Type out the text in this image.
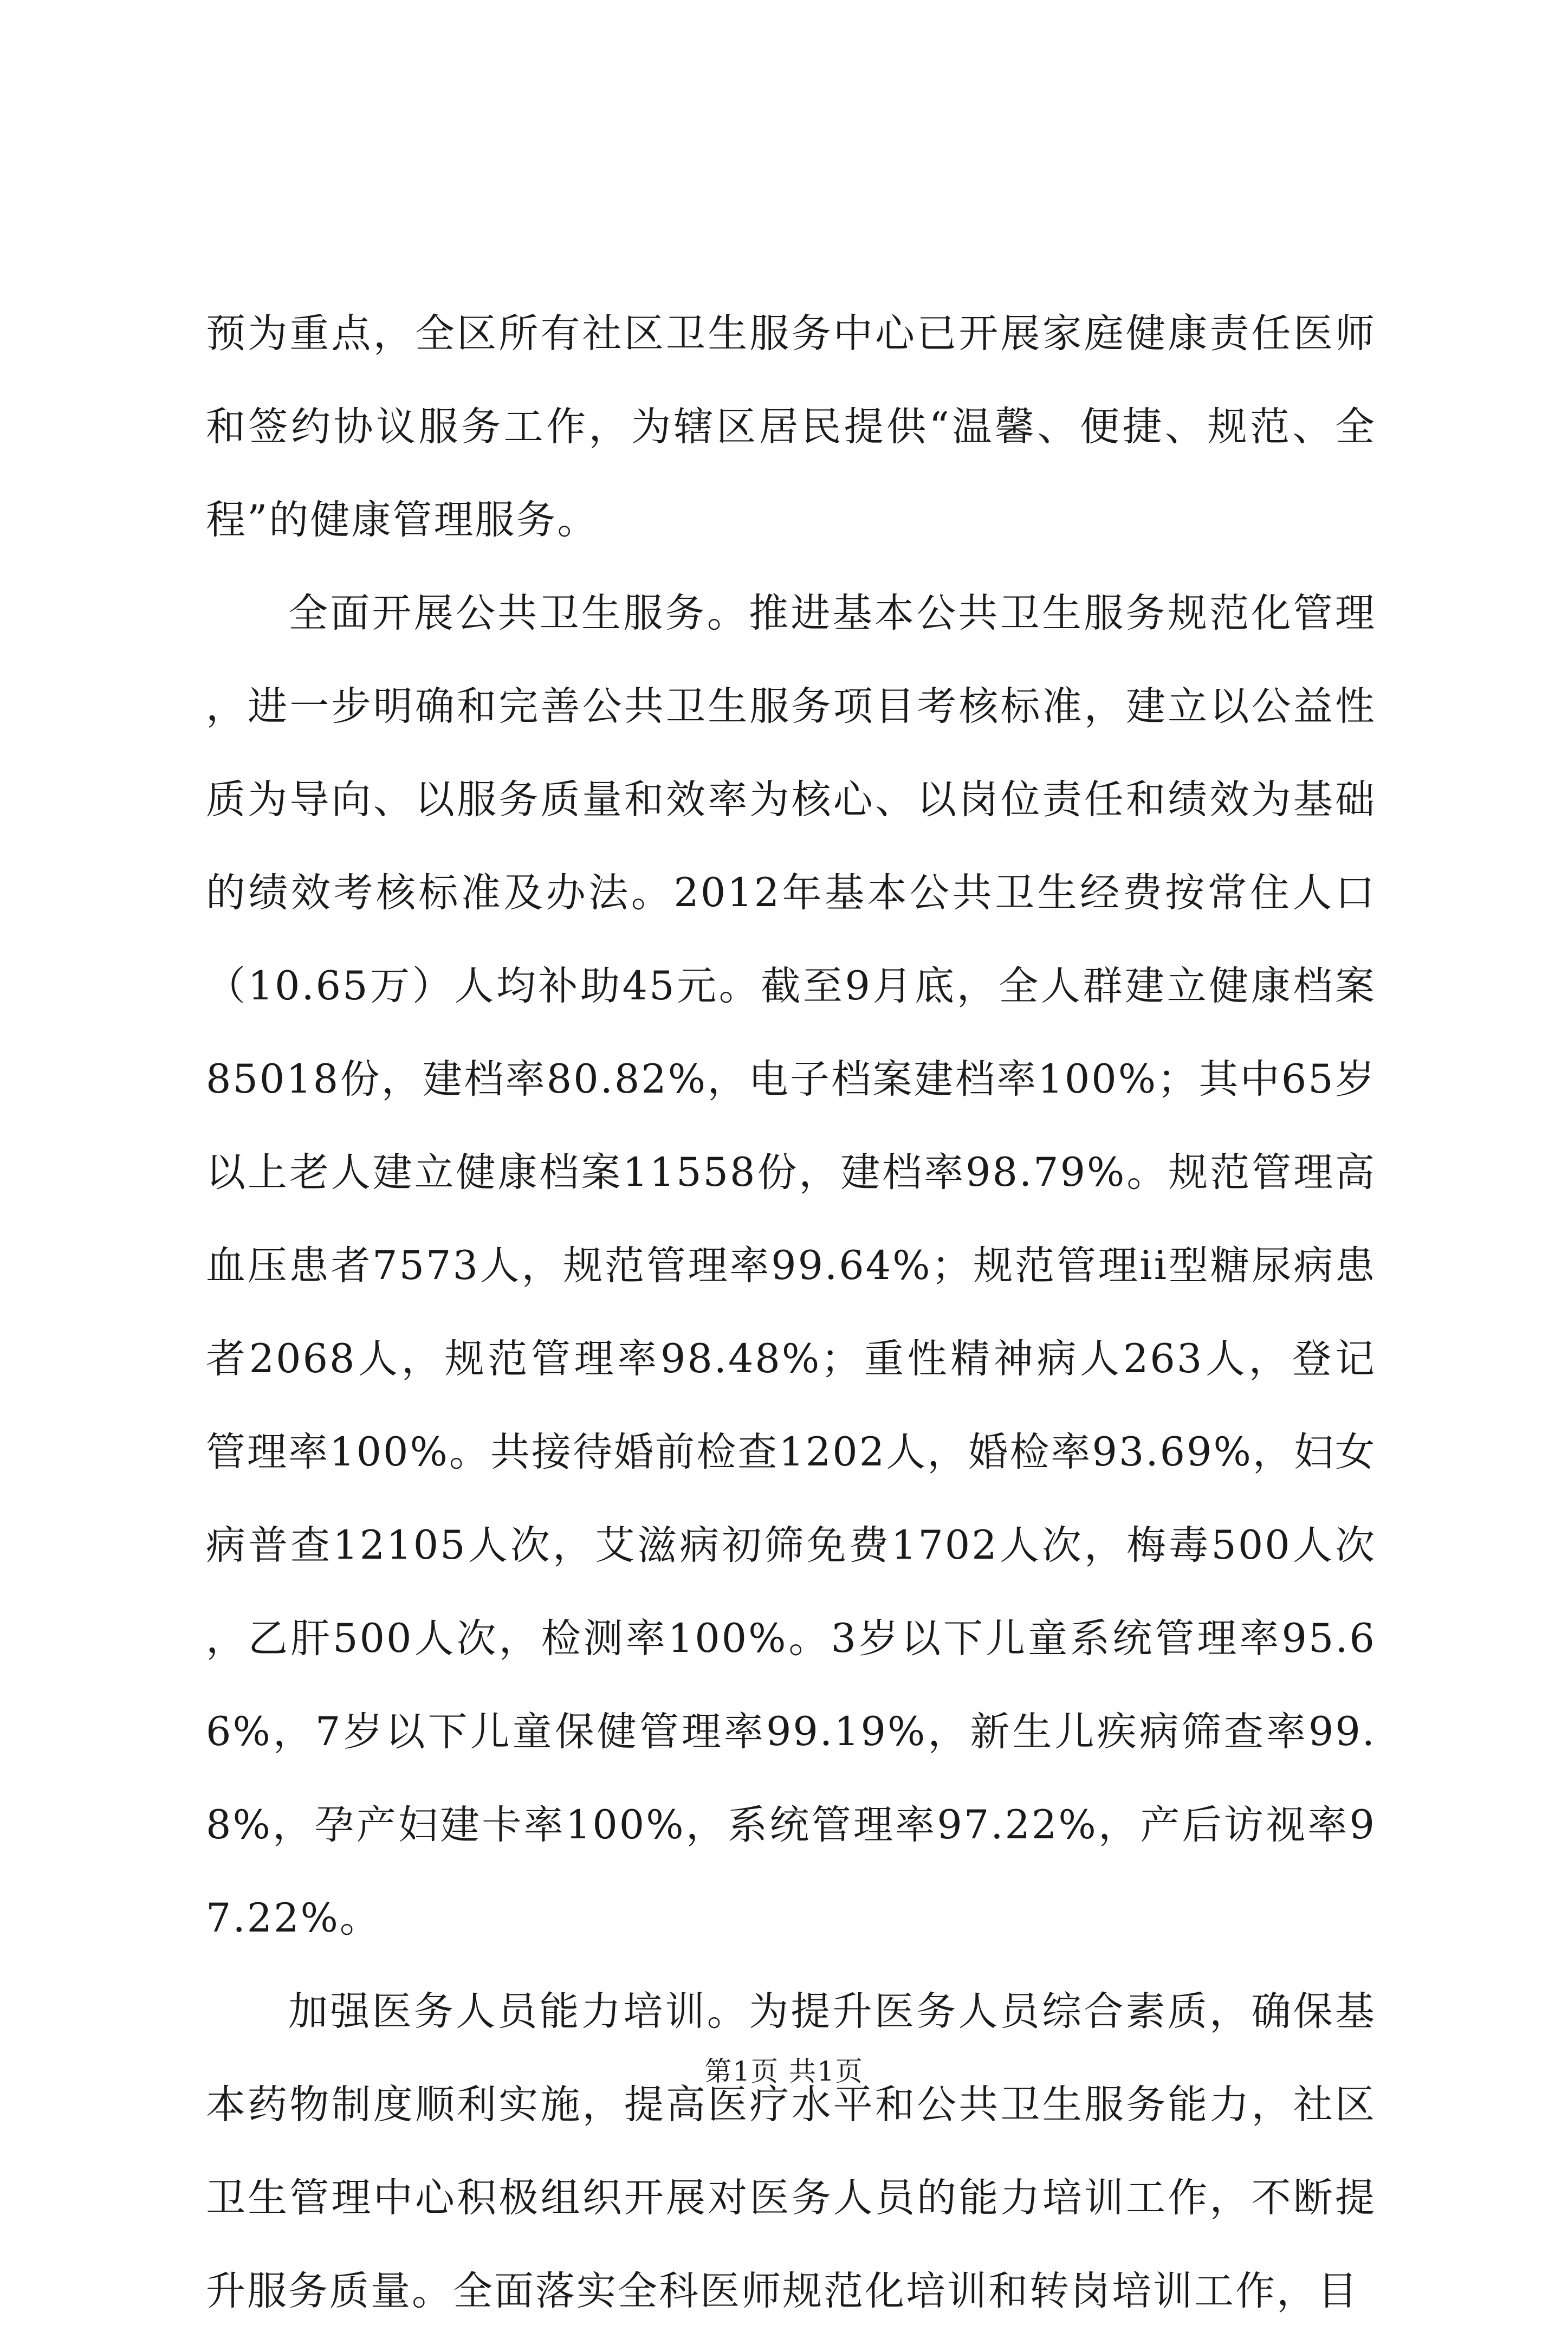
预为重点，全区所有社区卫生服务中心已开展家庭健康责任医师和签约协议服务工作，为辖区居民提供“温馨、便捷、规范、全程”的健康管理服务。

全面开展公共卫生服务。推进基本公共卫生服务规范化管理，进一步明确和完善公共卫生服务项目考核标准，建立以公益性质为导向、以服务质量和效率为核心、以岗位责任和绩效为基础的绩效考核标准及办法。2012年基本公共卫生经费按常住人口（10.65万）人均补助45元。截至9月底，全人群建立健康档案85018份，建档率80.82%，电子档案建档率100%；其中65岁以上老人建立健康档案11558份，建档率98.79%。规范管理高血压患者7573人，规范管理率99.64%；规范管理ii型糖尿病患者2068人，规范管理率98.48%；重性精神病人263人，登记管理率100%。共接待婚前检查1202人，婚检率93.69%，妇女病普查12105人次，艾滋病初筛免费1702人次，梅毒500人次，乙肝500人次，检测率100%。3岁以下儿童系统管理率95.66%，7岁以下儿童保健管理率99.19%，新生儿疾病筛查率99.8%，孕产妇建卡率100%，系统管理率97.22%，产后访视率97.22%。

加强医务人员能力培训。为提升医务人员综合素质，确保基本药物制度顺利实施，提高医疗水平和公共卫生服务能力，社区卫生管理中心积极组织开展对医务人员的能力培训工作，不断提升服务质量。全面落实全科医师规范化培训和转岗培训工作，目

第1页 共1页
